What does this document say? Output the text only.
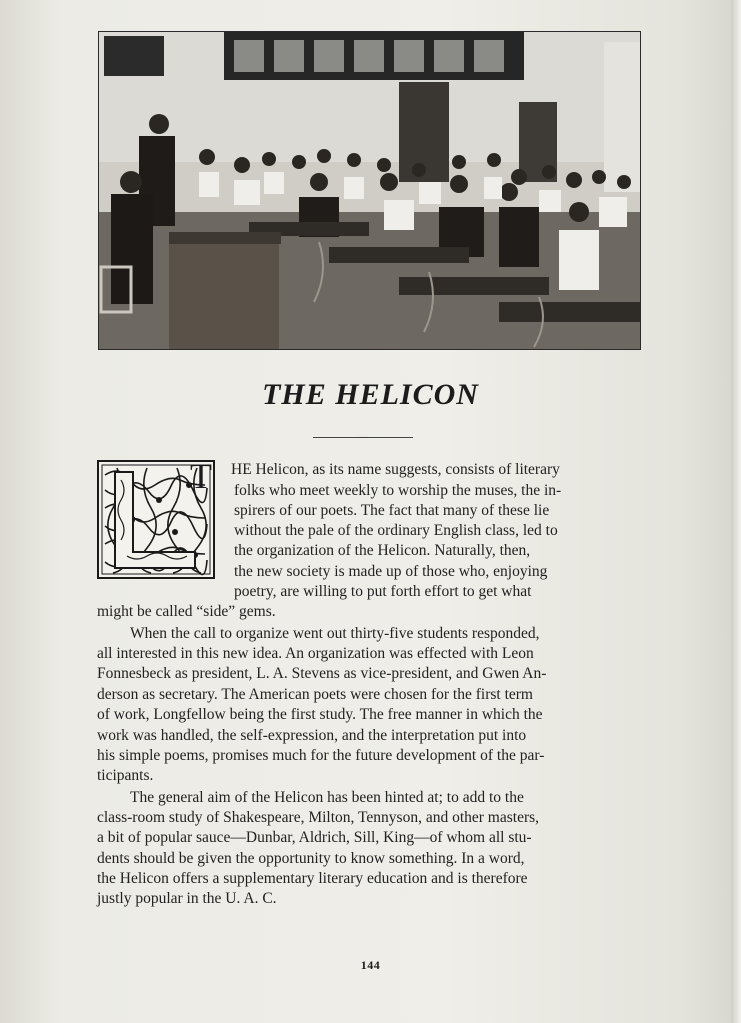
THE HELICON
T HE Helicon, as its name suggests, consists of literary
folks who meet weekly to worship the muses, the in-
spirers of our poets. The fact that many of these lie
without the pale of the ordinary English class, led to
the organization of the Helicon. Naturally, then,
the new society is made up of those who, enjoying
poetry, are willing to put forth effort to get what
might be called “side” gems.
When the call to organize went out thirty-five students responded,
all interested in this new idea. An organization was effected with Leon
Fonnesbeck as president, L. A. Stevens as vice-president, and Gwen An-
derson as secretary. The American poets were chosen for the first term
of work, Longfellow being the first study. The free manner in which the
work was handled, the self-expression, and the interpretation put into
his simple poems, promises much for the future development of the par-
ticipants.
The general aim of the Helicon has been hinted at; to add to the
class-room study of Shakespeare, Milton, Tennyson, and other masters,
a bit of popular sauce—Dunbar, Aldrich, Sill, King—of whom all stu-
dents should be given the opportunity to know something. In a word,
the Helicon offers a supplementary literary education and is therefore
justly popular in the U. A. C.
144
